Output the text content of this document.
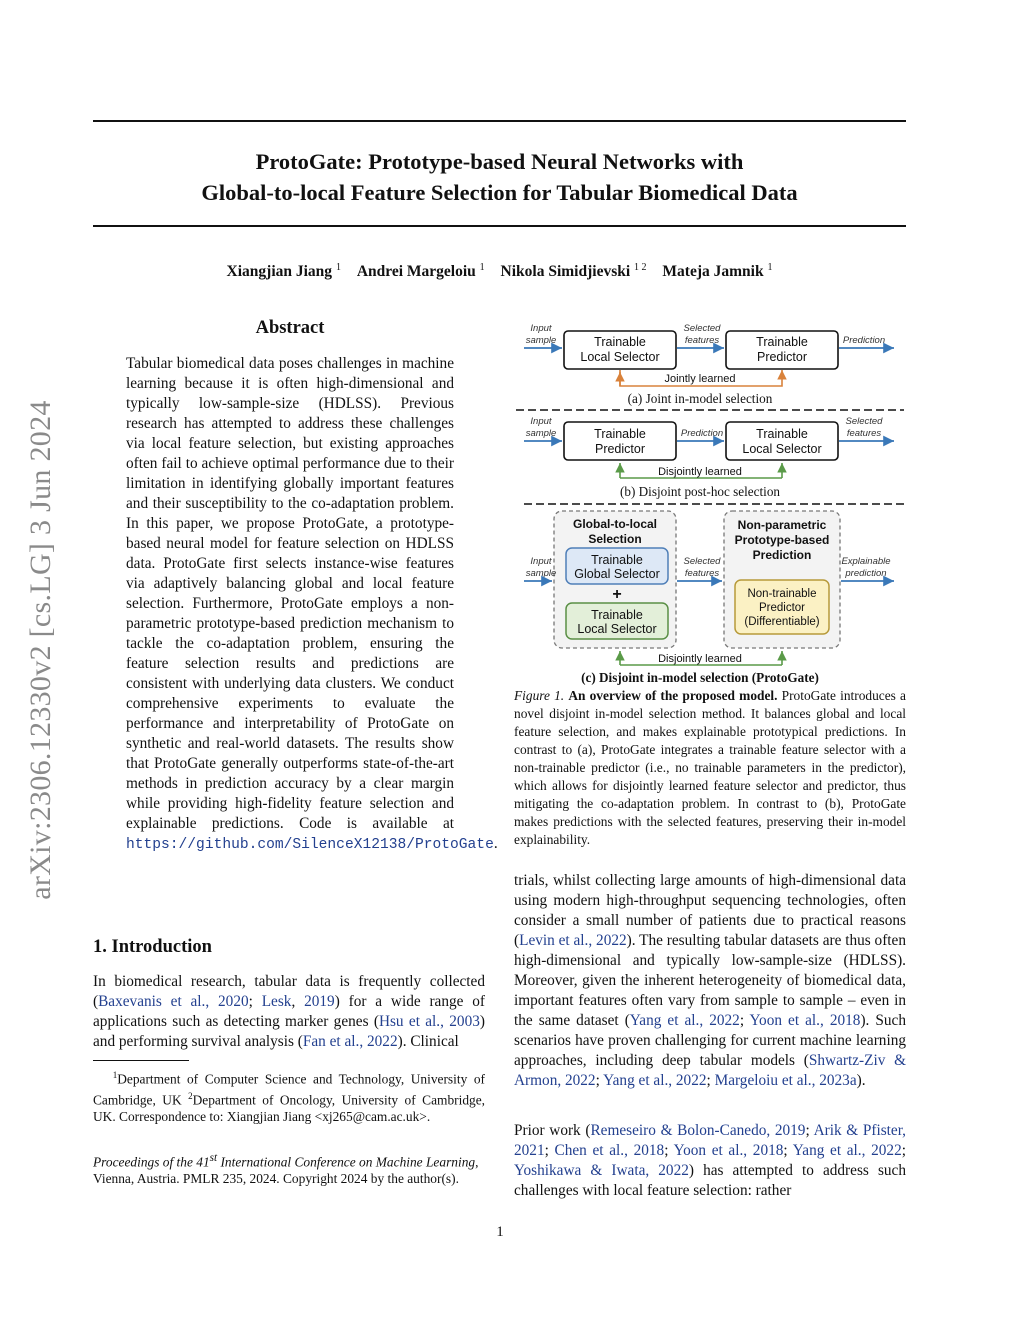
ProtoGate: Prototype-based Neural Networks with
Global-to-local Feature Selection for Tabular Biomedical Data
Xiangjian Jiang $^1$ Andrei Margeloiu $^1$ Nikola Simidjievski $^{1 2}$ Mateja Jamnik $^1$
arXiv:2306.12330v2 [cs.LG] 3 Jun 2024
Abstract
Tabular biomedical data poses challenges in machine learning because it is often high-dimensional and typically low-sample-size (HDLSS). Previous research has attempted to address these challenges via local feature selection, but existing approaches often fail to achieve optimal performance due to their limitation in identifying globally important features and their susceptibility to the co-adaptation problem. In this paper, we propose ProtoGate, a prototype-based neural model for feature selection on HDLSS data. ProtoGate first selects instance-wise features via adaptively balancing global and local feature selection. Furthermore, ProtoGate employs a non-parametric prototype-based prediction mechanism to tackle the co-adaptation problem, ensuring the feature selection results and predictions are consistent with underlying data clusters. We conduct comprehensive experiments to evaluate the performance and interpretability of ProtoGate on synthetic and real-world datasets. The results show that ProtoGate generally outperforms state-of-the-art methods in prediction accuracy by a clear margin while providing high-fidelity feature selection and explainable predictions. Code is available at https://github.com/SilenceX12138/ProtoGate.
1. Introduction
In biomedical research, tabular data is frequently collected (Baxevanis et al., 2020; Lesk, 2019) for a wide range of applications such as detecting marker genes (Hsu et al., 2003) and performing survival analysis (Fan et al., 2022). Clinical
$^1$Department of Computer Science and Technology, University of Cambridge, UK $^2$Department of Oncology, University of Cambridge, UK. Correspondence to: Xiangjian Jiang <xj265@cam.ac.uk>.
Proceedings of the 41st International Conference on Machine Learning, Vienna, Austria. PMLR 235, 2024. Copyright 2024 by the author(s).
Input
sample	Trainable
Local Selector
Selected
features	Trainable
Predictor
Prediction
Jointly learned
(a) Joint in-model selection
Input
sample	Trainable
Predictor
Prediction	Trainable
Local Selector
Selected
features
Disjointly learned
(b) Disjoint post-hoc selection
Global-to-local
Selection
Trainable
Global Selector
+
Trainable
Local Selector
Input
sample
Selected
features
Non-parametric
Prototype-based
Prediction
Non-trainable
Predictor
(Differentiable)
Explainable
prediction
Disjointly learned
(c) Disjoint in-model selection (ProtoGate)
Figure 1. An overview of the proposed model. ProtoGate introduces a novel disjoint in-model selection method. It balances global and local feature selection, and makes explainable prototypical predictions. In contrast to (a), ProtoGate integrates a trainable feature selector with a non-trainable predictor (i.e., no trainable parameters in the predictor), which allows for disjointly learned feature selector and predictor, thus mitigating the co-adaptation problem. In contrast to (b), ProtoGate makes predictions with the selected features, preserving their in-model explainability.
trials, whilst collecting large amounts of high-dimensional data using modern high-throughput sequencing technologies, often consider a small number of patients due to practical reasons (Levin et al., 2022). The resulting tabular datasets are thus often high-dimensional and typically low-sample-size (HDLSS). Moreover, given the inherent heterogeneity of biomedical data, important features often vary from sample to sample – even in the same dataset (Yang et al., 2022; Yoon et al., 2018). Such scenarios have proven challenging for current machine learning approaches, including deep tabular models (Shwartz-Ziv & Armon, 2022; Yang et al., 2022; Margeloiu et al., 2023a).
Prior work (Remeseiro & Bolon-Canedo, 2019; Arik & Pfister, 2021; Chen et al., 2018; Yoon et al., 2018; Yang et al., 2022; Yoshikawa & Iwata, 2022) has attempted to address such challenges with local feature selection: rather
1
